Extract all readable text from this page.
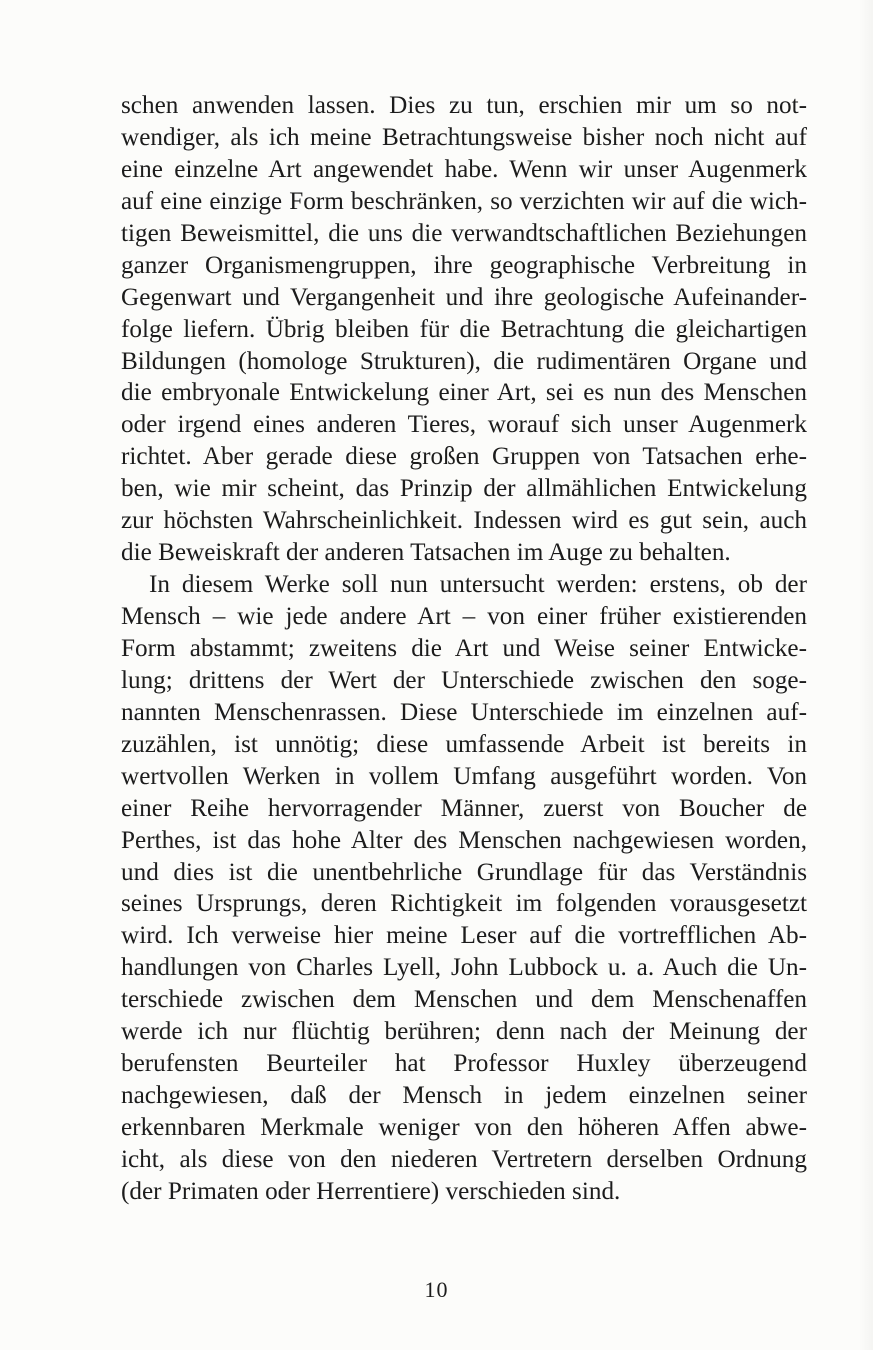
schen anwenden lassen. Dies zu tun, erschien mir um so not-
wendiger, als ich meine Betrachtungsweise bisher noch nicht auf
eine einzelne Art angewendet habe. Wenn wir unser Augenmerk
auf eine einzige Form beschränken, so verzichten wir auf die wich-
tigen Beweismittel, die uns die verwandtschaftlichen Beziehungen
ganzer Organismengruppen, ihre geographische Verbreitung in
Gegenwart und Vergangenheit und ihre geologische Aufeinander-
folge liefern. Übrig bleiben für die Betrachtung die gleichartigen
Bildungen (homologe Strukturen), die rudimentären Organe und
die embryonale Entwickelung einer Art, sei es nun des Menschen
oder irgend eines anderen Tieres, worauf sich unser Augenmerk
richtet. Aber gerade diese großen Gruppen von Tatsachen erhe-
ben, wie mir scheint, das Prinzip der allmählichen Entwickelung
zur höchsten Wahrscheinlichkeit. Indessen wird es gut sein, auch
die Beweiskraft der anderen Tatsachen im Auge zu behalten.
In diesem Werke soll nun untersucht werden: erstens, ob der
Mensch – wie jede andere Art – von einer früher existierenden
Form abstammt; zweitens die Art und Weise seiner Entwicke-
lung; drittens der Wert der Unterschiede zwischen den soge-
nannten Menschenrassen. Diese Unterschiede im einzelnen auf-
zuzählen, ist unnötig; diese umfassende Arbeit ist bereits in
wertvollen Werken in vollem Umfang ausgeführt worden. Von
einer Reihe hervorragender Männer, zuerst von Boucher de
Perthes, ist das hohe Alter des Menschen nachgewiesen worden,
und dies ist die unentbehrliche Grundlage für das Verständnis
seines Ursprungs, deren Richtigkeit im folgenden vorausgesetzt
wird. Ich verweise hier meine Leser auf die vortrefflichen Ab-
handlungen von Charles Lyell, John Lubbock u. a. Auch die Un-
terschiede zwischen dem Menschen und dem Menschenaffen
werde ich nur flüchtig berühren; denn nach der Meinung der
berufensten Beurteiler hat Professor Huxley überzeugend
nachgewiesen, daß der Mensch in jedem einzelnen seiner
erkennbaren Merkmale weniger von den höheren Affen abwe-
icht, als diese von den niederen Vertretern derselben Ordnung
(der Primaten oder Herrentiere) verschieden sind.
10
